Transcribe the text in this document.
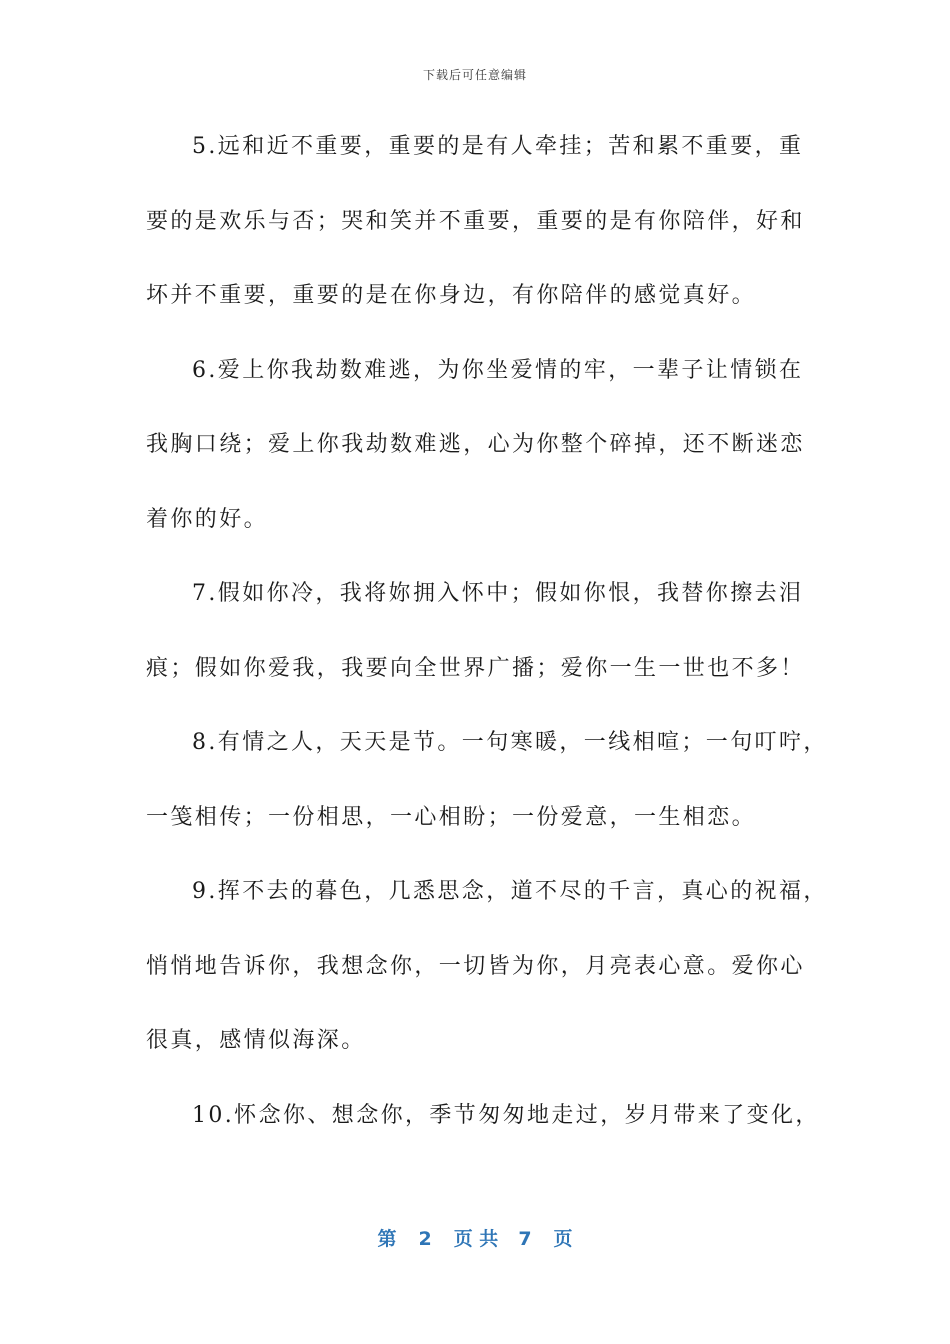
下载后可任意编辑
5.远和近不重要，重要的是有人牵挂；苦和累不重要，重
要的是欢乐与否；哭和笑并不重要，重要的是有你陪伴，好和
坏并不重要，重要的是在你身边，有你陪伴的感觉真好。
6.爱上你我劫数难逃，为你坐爱情的牢，一辈子让情锁在
我胸口绕；爱上你我劫数难逃，心为你整个碎掉，还不断迷恋
着你的好。
7.假如你冷，我将妳拥入怀中；假如你恨，我替你擦去泪
痕；假如你爱我，我要向全世界广播；爱你一生一世也不多！
8.有情之人，天天是节。一句寒暖，一线相喧；一句叮咛，
一笺相传；一份相思，一心相盼；一份爱意，一生相恋。
9.挥不去的暮色，几悉思念，道不尽的千言，真心的祝福，
悄悄地告诉你，我想念你，一切皆为你，月亮表心意。爱你心
很真，感情似海深。
10.怀念你、想念你，季节匆匆地走过，岁月带来了变化，
第 2 页 共 7 页
